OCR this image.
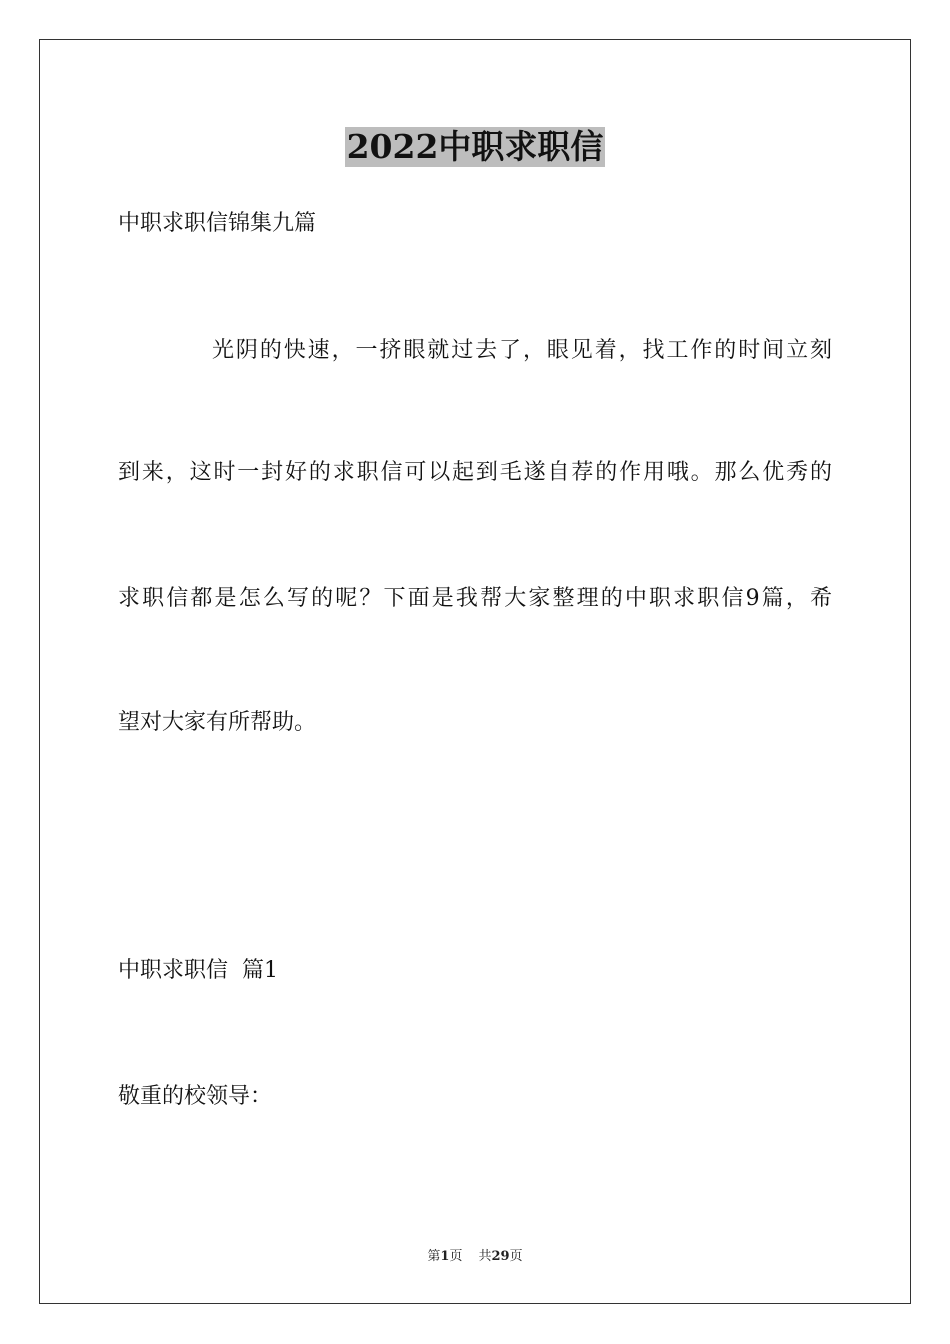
2022中职求职信
中职求职信锦集九篇
光阴的快速，一挤眼就过去了，眼见着，找工作的时间立刻
到来，这时一封好的求职信可以起到毛遂自荐的作用哦。那么优秀的
求职信都是怎么写的呢？下面是我帮大家整理的中职求职信9篇，希
望对大家有所帮助。
中职求职信  篇1
敬重的校领导：
第1页 共29页
